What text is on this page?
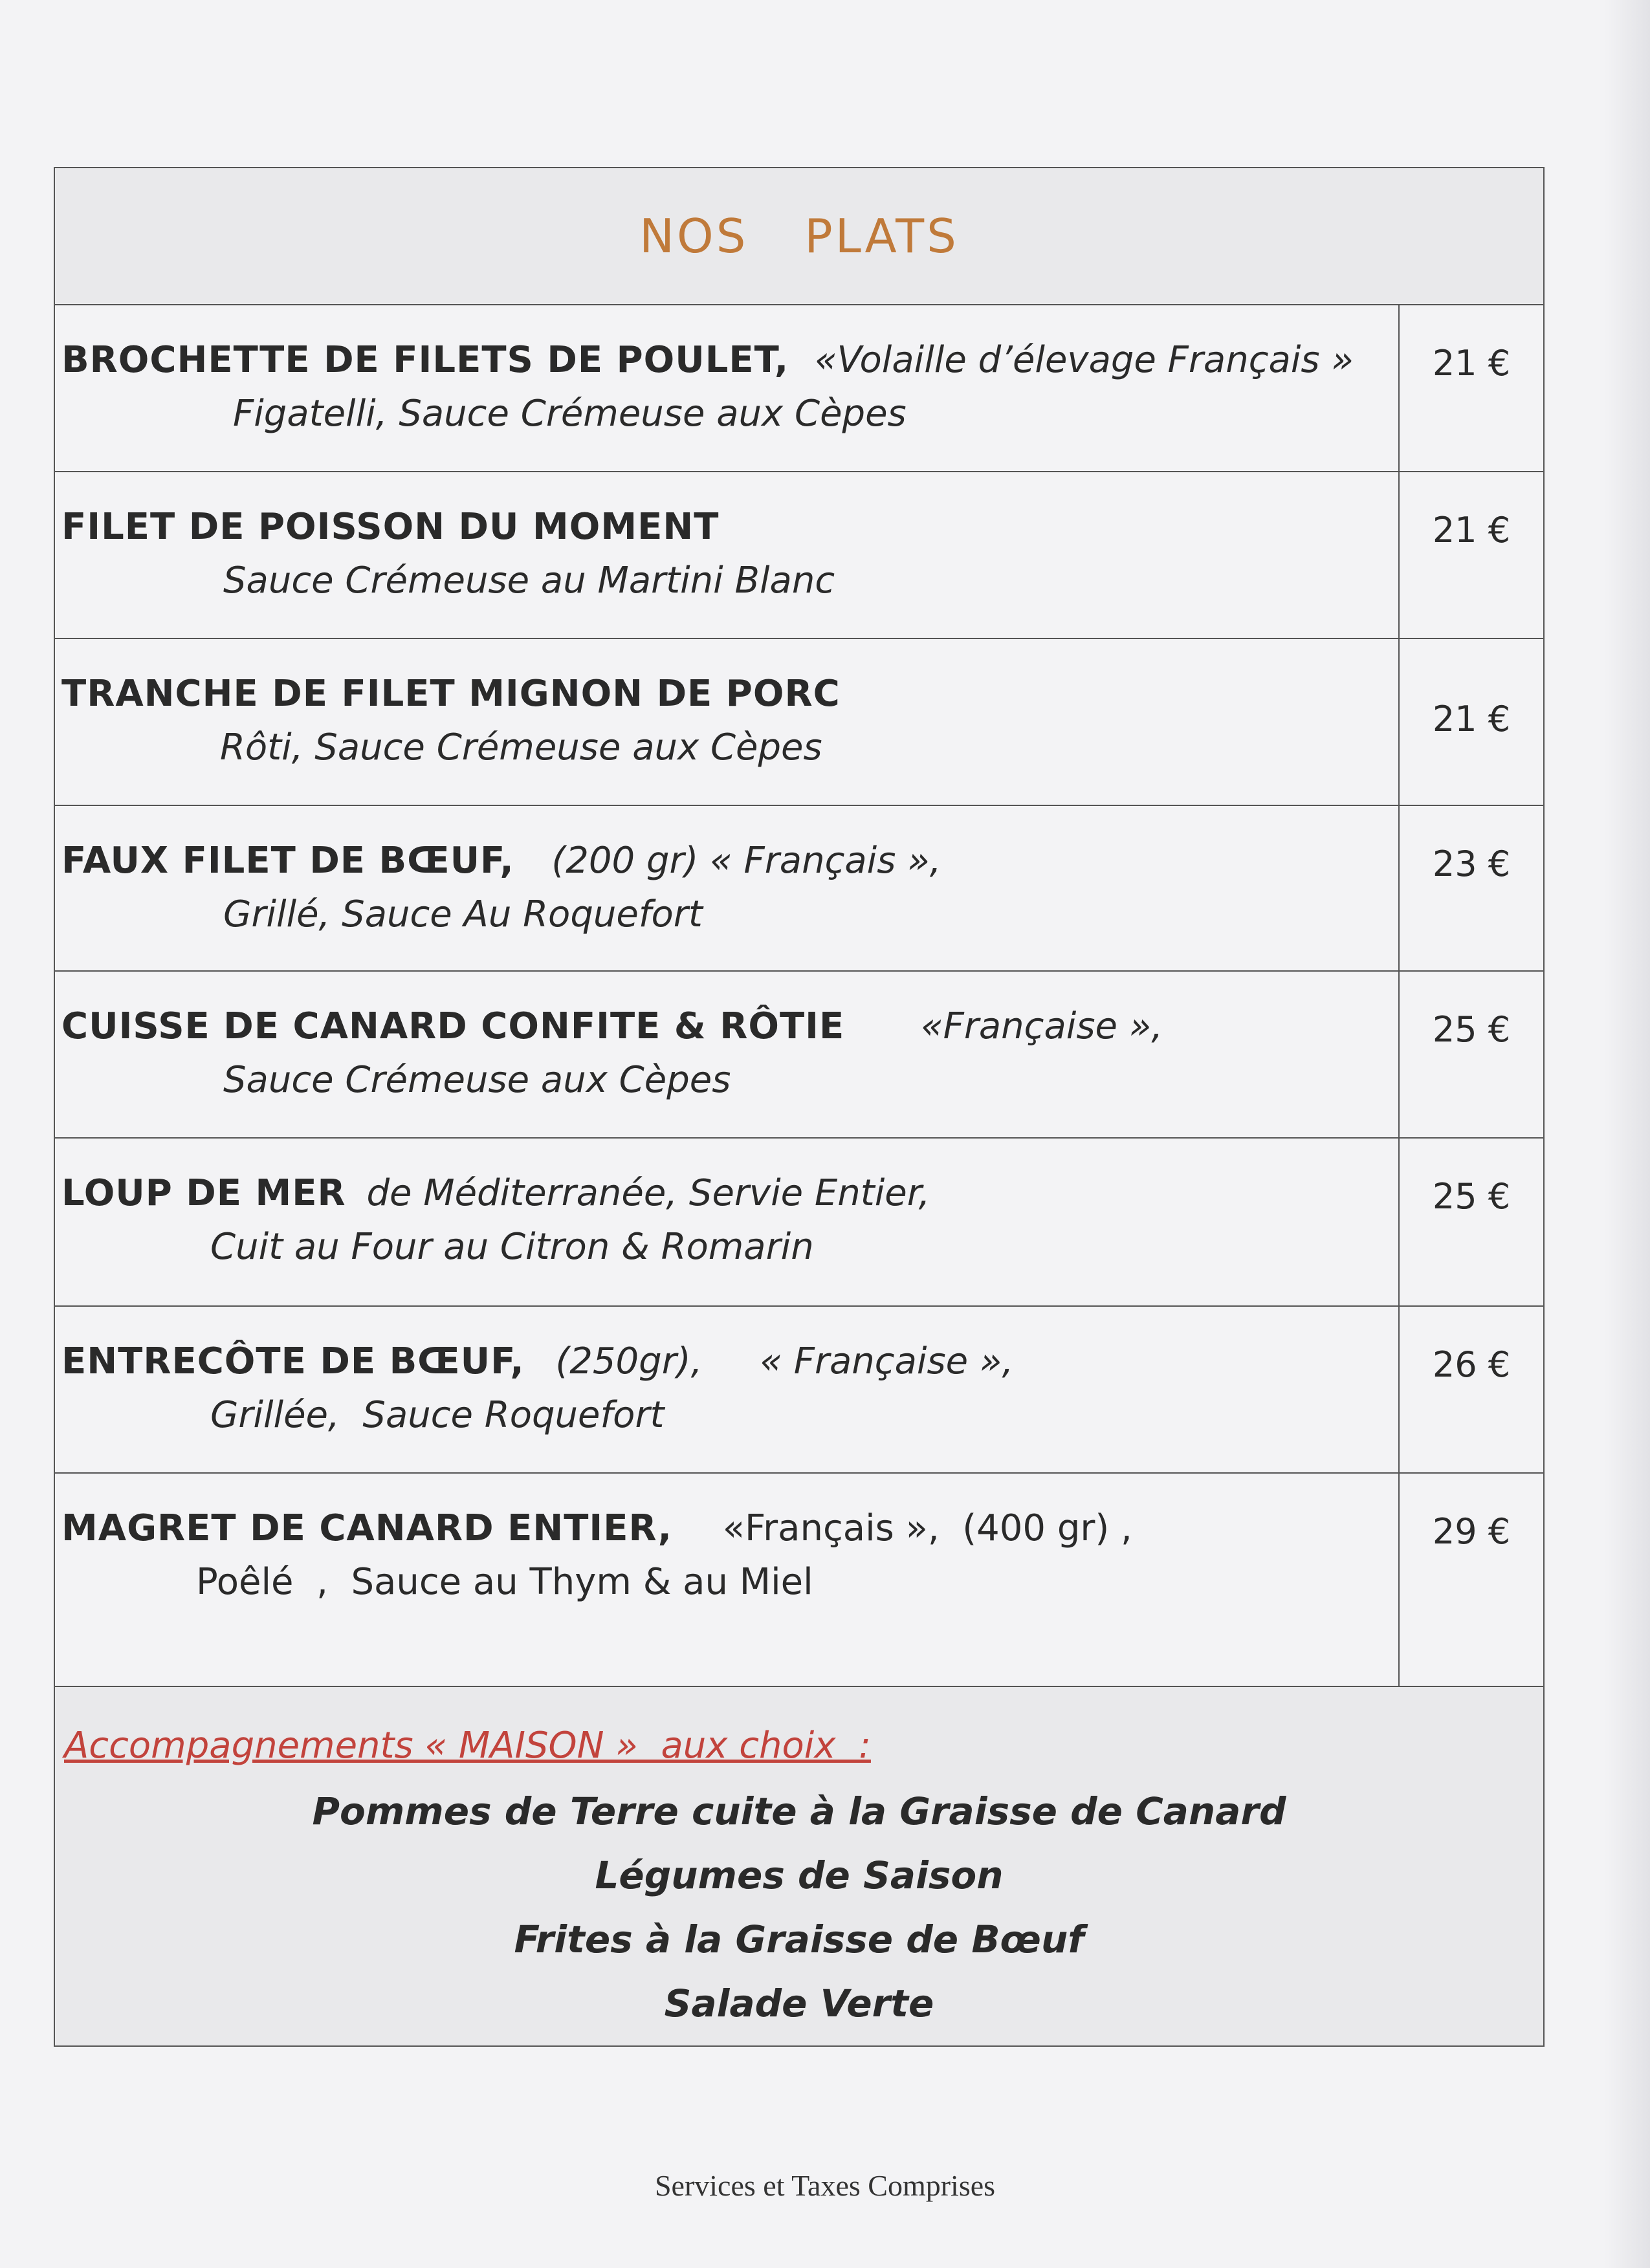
NOS PLATS
BROCHETTE DE FILETS DE POULET, «Volaille d’élevage Français »
Figatelli, Sauce Crémeuse aux Cèpes
21 €
FILET DE POISSON DU MOMENT
Sauce Crémeuse au Martini Blanc
21 €
TRANCHE DE FILET MIGNON DE PORC
Rôti, Sauce Crémeuse aux Cèpes
21 €
FAUX FILET DE BŒUF, (200 gr) « Français »,
Grillé, Sauce Au Roquefort
23 €
CUISSE DE CANARD CONFITE & RÔTIE «Française »,
Sauce Crémeuse aux Cèpes
25 €
LOUP DE MER de Méditerranée, Servie Entier,
Cuit au Four au Citron & Romarin
25 €
ENTRECÔTE DE BŒUF, (250gr),     « Française »,
Grillée,  Sauce Roquefort
26 €
MAGRET DE CANARD ENTIER, «Français »,  (400 gr) ,
Poêlé  ,  Sauce au Thym & au Miel
29 €
Accompagnements « MAISON »  aux choix  :
Pommes de Terre cuite à la Graisse de Canard
Légumes de Saison
Frites à la Graisse de Bœuf
Salade Verte
Services et Taxes Comprises
